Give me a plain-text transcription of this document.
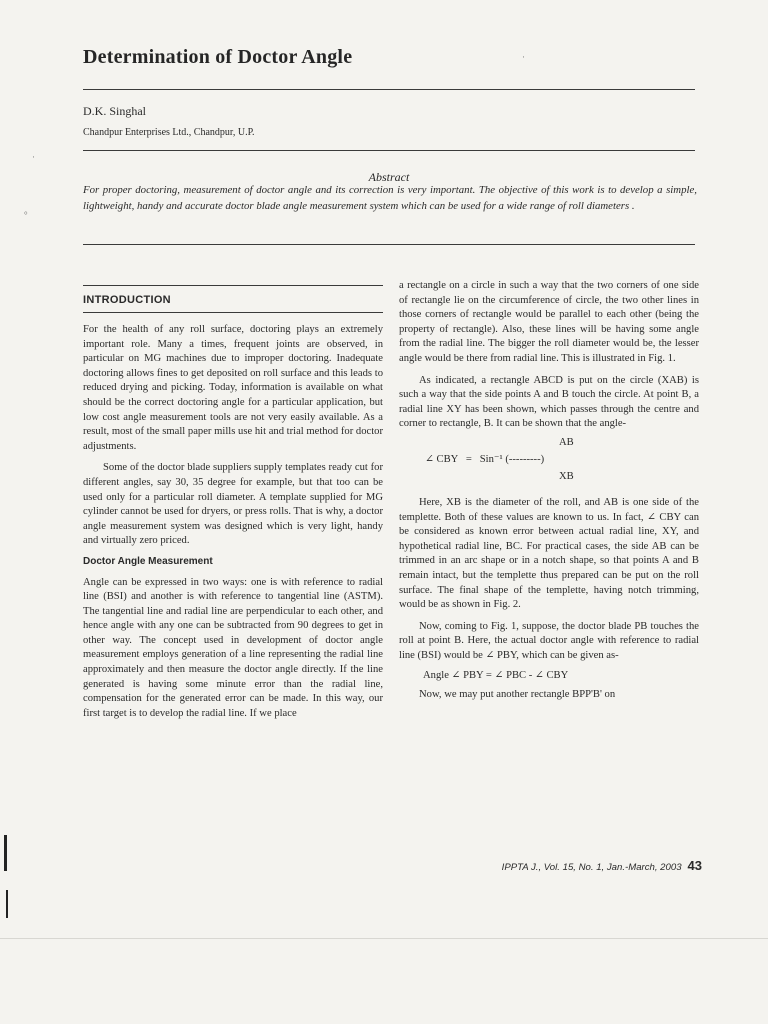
Determination of Doctor Angle
D.K. Singhal
Chandpur Enterprises Ltd., Chandpur, U.P.
Abstract
For proper doctoring, measurement of doctor angle and its correction is very important. The objective of this work is to develop a simple, lightweight, handy and accurate doctor blade angle measurement system which can be used for a wide range of roll diameters .
INTRODUCTION

For the health of any roll surface, doctoring plays an extremely important role. Many a times, frequent joints are observed, in particular on MG machines due to improper doctoring. Inadequate doctoring allows fines to get deposited on roll surface and this leads to reduced drying and picking. Today, information is available on what should be the correct doctoring angle for a particular application, but low cost angle measurement tools are not very easily available. As a result, most of the small paper mills use hit and trial method for doctor adjustments.

Some of the doctor blade suppliers supply templates ready cut for different angles, say 30, 35 degree for example, but that too can be used only for a particular roll diameter. A template supplied for MG cylinder cannot be used for dryers, or press rolls. That is why, a doctor angle measurement system was designed which is very light, handy and virtually zero priced.

Doctor Angle Measurement

Angle can be expressed in two ways: one is with reference to radial line (BSI) and another is with reference to tangential line (ASTM). The tangential line and radial line are perpendicular to each other, and hence angle with any one can be subtracted from 90 degrees to get in other way. The concept used in development of doctor angle measurement employs generation of a line representing the radial line approximately and then measure the doctor angle directly. If the line generated is having some minute error than the radial line, compensation for the generated error can be made. In this way, our first target is to develop the radial line. If we place

a rectangle on a circle in such a way that the two corners of one side of rectangle lie on the circumference of circle, the two other lines in those corners of rectangle would be parallel to each other (being the property of rectangle). Also, these lines will be having some angle from the radial line. The bigger the roll diameter would be, the lesser angle would be there from radial line. This is illustrated in Fig. 1.

As indicated, a rectangle ABCD is put on the circle (XAB) is such a way that the side points A and B touch the circle. At point B, a radial line XY has been shown, which passes through the centre and corner to rectangle, B. It can be shown that the angle-

AB
∠ CBY   =   Sin⁻¹ (---------)
XB

Here, XB is the diameter of the roll, and AB is one side of the templette. Both of these values are known to us. In fact, ∠ CBY can be considered as known error between actual radial line, XY, and hypothetical radial line, BC. For practical cases, the side AB can be trimmed in an arc shape or in a notch shape, so that points A and B remain intact, but the templette thus prepared can be put on the roll surface. The final shape of the templette, having notch trimming, would be as shown in Fig. 2.

Now, coming to Fig. 1, suppose, the doctor blade PB touches the roll at point B. Here, the actual doctor angle with reference to radial line (BSI) would be ∠ PBY, which can be given as-

Angle ∠ PBY = ∠ PBC - ∠ CBY

Now, we may put another rectangle BPP'B' on

IPPTA J., Vol. 15, No. 1, Jan.-March, 2003 43
·
°
·
